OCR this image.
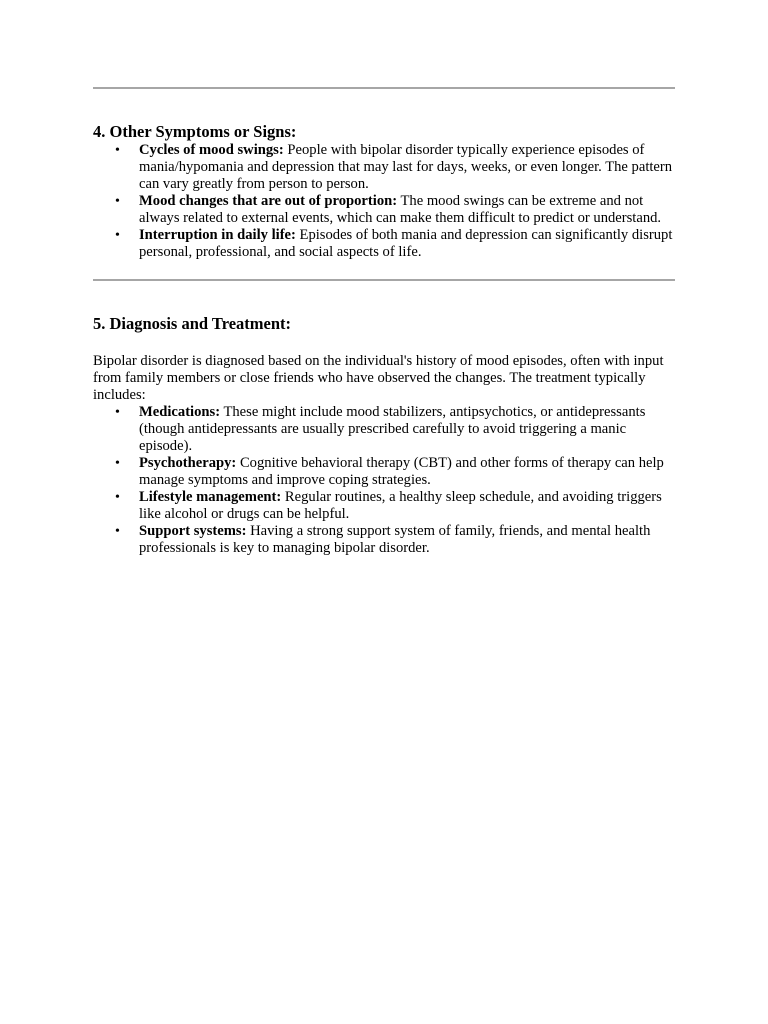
4. Other Symptoms or Signs:
• Cycles of mood swings: People with bipolar disorder typically experience episodes of mania/hypomania and depression that may last for days, weeks, or even longer. The pattern can vary greatly from person to person.
• Mood changes that are out of proportion: The mood swings can be extreme and not always related to external events, which can make them difficult to predict or understand.
• Interruption in daily life: Episodes of both mania and depression can significantly disrupt personal, professional, and social aspects of life.
5. Diagnosis and Treatment:

Bipolar disorder is diagnosed based on the individual's history of mood episodes, often with input from family members or close friends who have observed the changes. The treatment typically includes:

• Medications: These might include mood stabilizers, antipsychotics, or antidepressants (though antidepressants are usually prescribed carefully to avoid triggering a manic episode).
• Psychotherapy: Cognitive behavioral therapy (CBT) and other forms of therapy can help manage symptoms and improve coping strategies.
• Lifestyle management: Regular routines, a healthy sleep schedule, and avoiding triggers like alcohol or drugs can be helpful.
• Support systems: Having a strong support system of family, friends, and mental health professionals is key to managing bipolar disorder.
